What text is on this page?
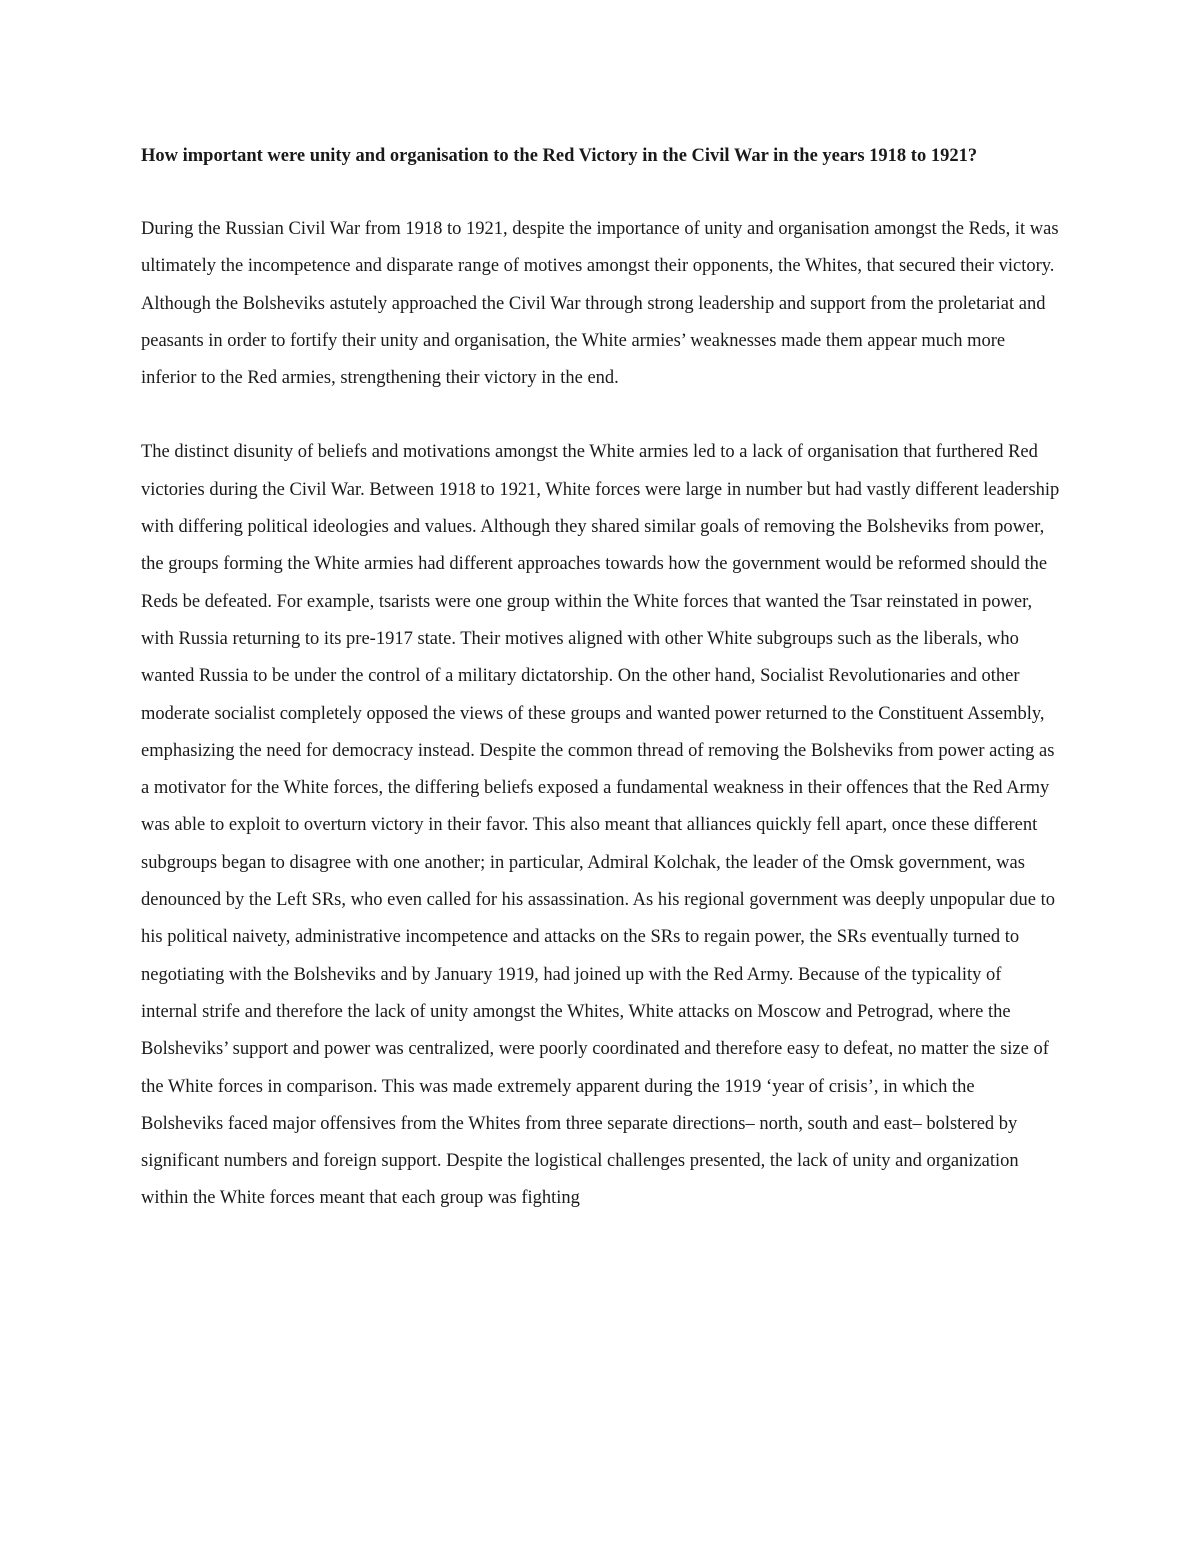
How important were unity and organisation to the Red Victory in the Civil War in the years 1918 to 1921?

During the Russian Civil War from 1918 to 1921, despite the importance of unity and organisation amongst the Reds, it was ultimately the incompetence and disparate range of motives amongst their opponents, the Whites, that secured their victory. Although the Bolsheviks astutely approached the Civil War through strong leadership and support from the proletariat and peasants in order to fortify their unity and organisation, the White armies’ weaknesses made them appear much more inferior to the Red armies, strengthening their victory in the end.

The distinct disunity of beliefs and motivations amongst the White armies led to a lack of organisation that furthered Red victories during the Civil War. Between 1918 to 1921, White forces were large in number but had vastly different leadership with differing political ideologies and values. Although they shared similar goals of removing the Bolsheviks from power, the groups forming the White armies had different approaches towards how the government would be reformed should the Reds be defeated. For example, tsarists were one group within the White forces that wanted the Tsar reinstated in power, with Russia returning to its pre-1917 state. Their motives aligned with other White subgroups such as the liberals, who wanted Russia to be under the control of a military dictatorship. On the other hand, Socialist Revolutionaries and other moderate socialist completely opposed the views of these groups and wanted power returned to the Constituent Assembly, emphasizing the need for democracy instead. Despite the common thread of removing the Bolsheviks from power acting as a motivator for the White forces, the differing beliefs exposed a fundamental weakness in their offences that the Red Army was able to exploit to overturn victory in their favor. This also meant that alliances quickly fell apart, once these different subgroups began to disagree with one another; in particular, Admiral Kolchak, the leader of the Omsk government, was denounced by the Left SRs, who even called for his assassination. As his regional government was deeply unpopular due to his political naivety, administrative incompetence and attacks on the SRs to regain power, the SRs eventually turned to negotiating with the Bolsheviks and by January 1919, had joined up with the Red Army. Because of the typicality of internal strife and therefore the lack of unity amongst the Whites, White attacks on Moscow and Petrograd, where the Bolsheviks’ support and power was centralized, were poorly coordinated and therefore easy to defeat, no matter the size of the White forces in comparison. This was made extremely apparent during the 1919 ‘year of crisis’, in which the Bolsheviks faced major offensives from the Whites from three separate directions– north, south and east– bolstered by significant numbers and foreign support. Despite the logistical challenges presented, the lack of unity and organization within the White forces meant that each group was fighting
